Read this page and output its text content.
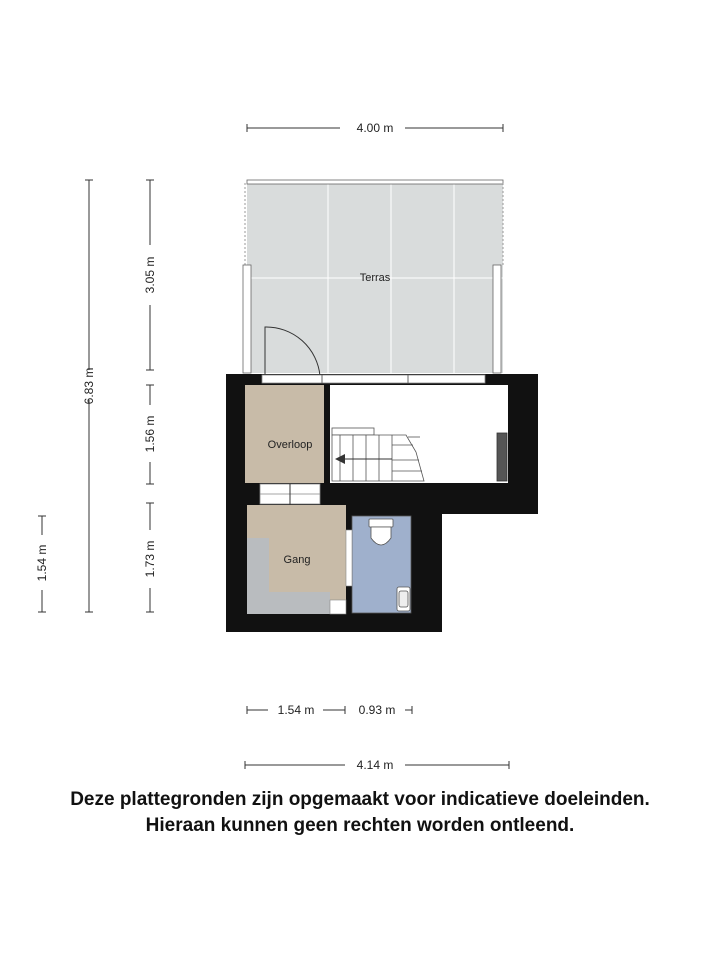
4.00 m
6.83 m
3.05 m
1.56 m
1.73 m
1.54 m
1.54 m	0.93 m
4.14 m
Terras
Overloop
Gang
Deze plattegronden zijn opgemaakt voor indicatieve doeleinden.
Hieraan kunnen geen rechten worden ontleend.
